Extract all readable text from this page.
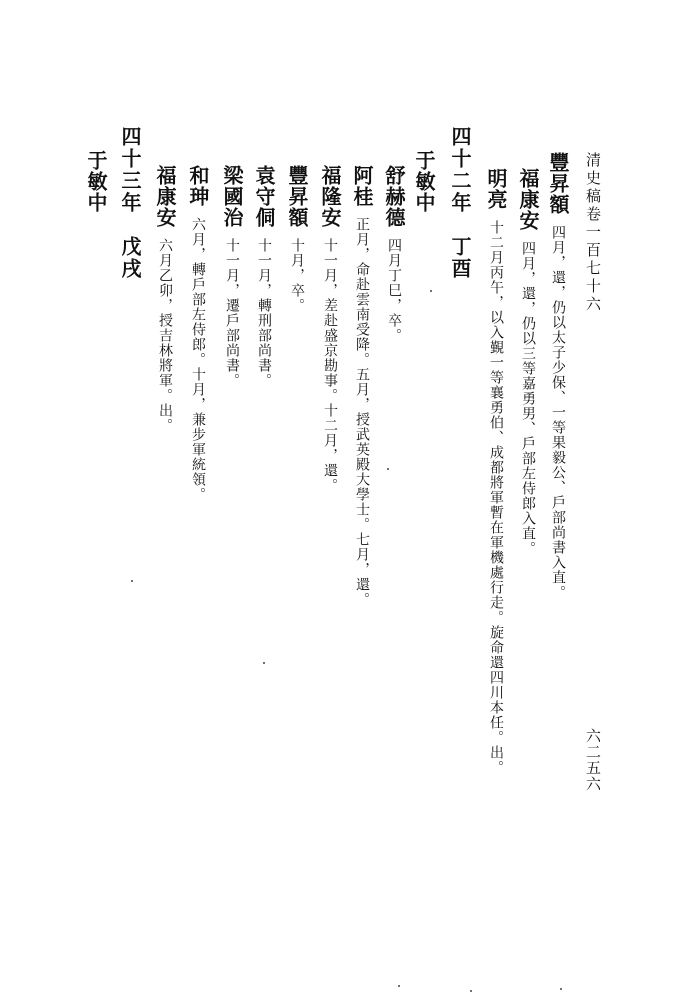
清史稿卷一百七十六
六二五六
豐昇額四月，還，仍以太子少保、一等果毅公、戶部尚書入直。
福康安四月，還，仍以三等嘉勇男、戶部左侍郎入直。
明亮十二月丙午，以入覲一等襄勇伯、成都將軍暫在軍機處行走。旋命還四川本任。出。
四十二年丁酉
于敏中
舒赫德四月丁巳，卒。
阿桂正月，命赴雲南受降。五月，授武英殿大學士。七月，還。
福隆安十一月，差赴盛京勘事。十二月，還。
豐昇額十月，卒。
袁守侗十一月，轉刑部尚書。
梁國治十一月，遷戶部尚書。
和珅六月，轉戶部左侍郎。十月，兼步軍統領。
福康安六月乙卯，授吉林將軍。出。
四十三年戊戌
于敏中
